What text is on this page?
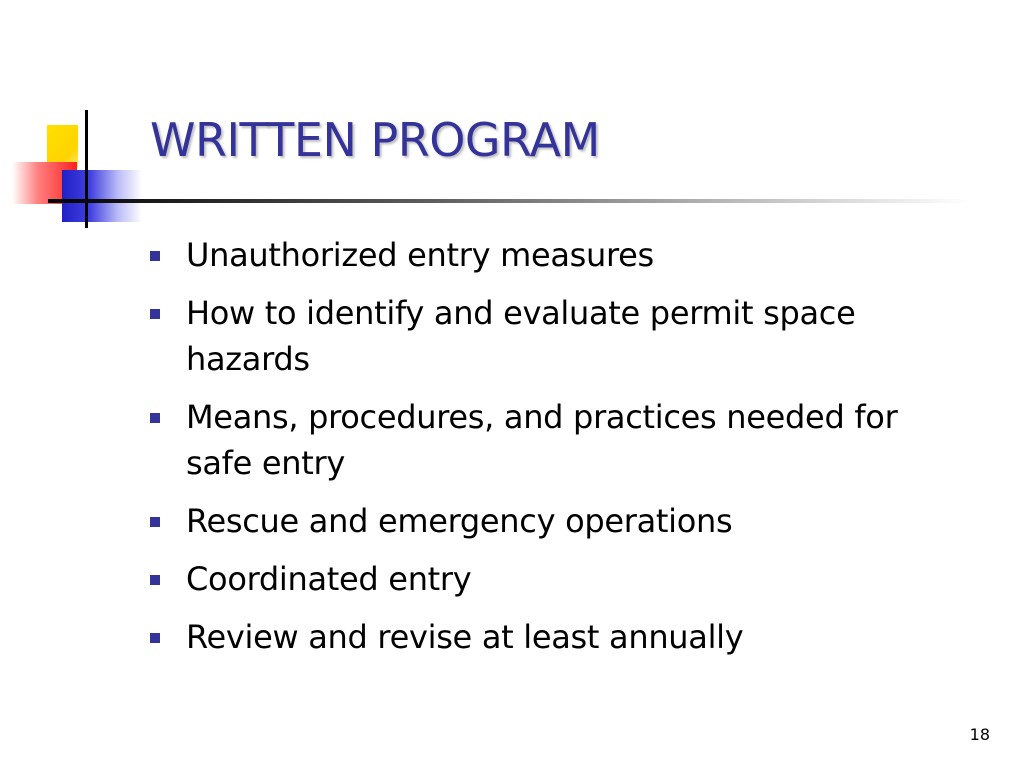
WRITTEN PROGRAM
Unauthorized entry measures
How to identify and evaluate permit space hazards
Means, procedures, and practices needed for safe entry
Rescue and emergency operations
Coordinated entry
Review and revise at least annually
18
